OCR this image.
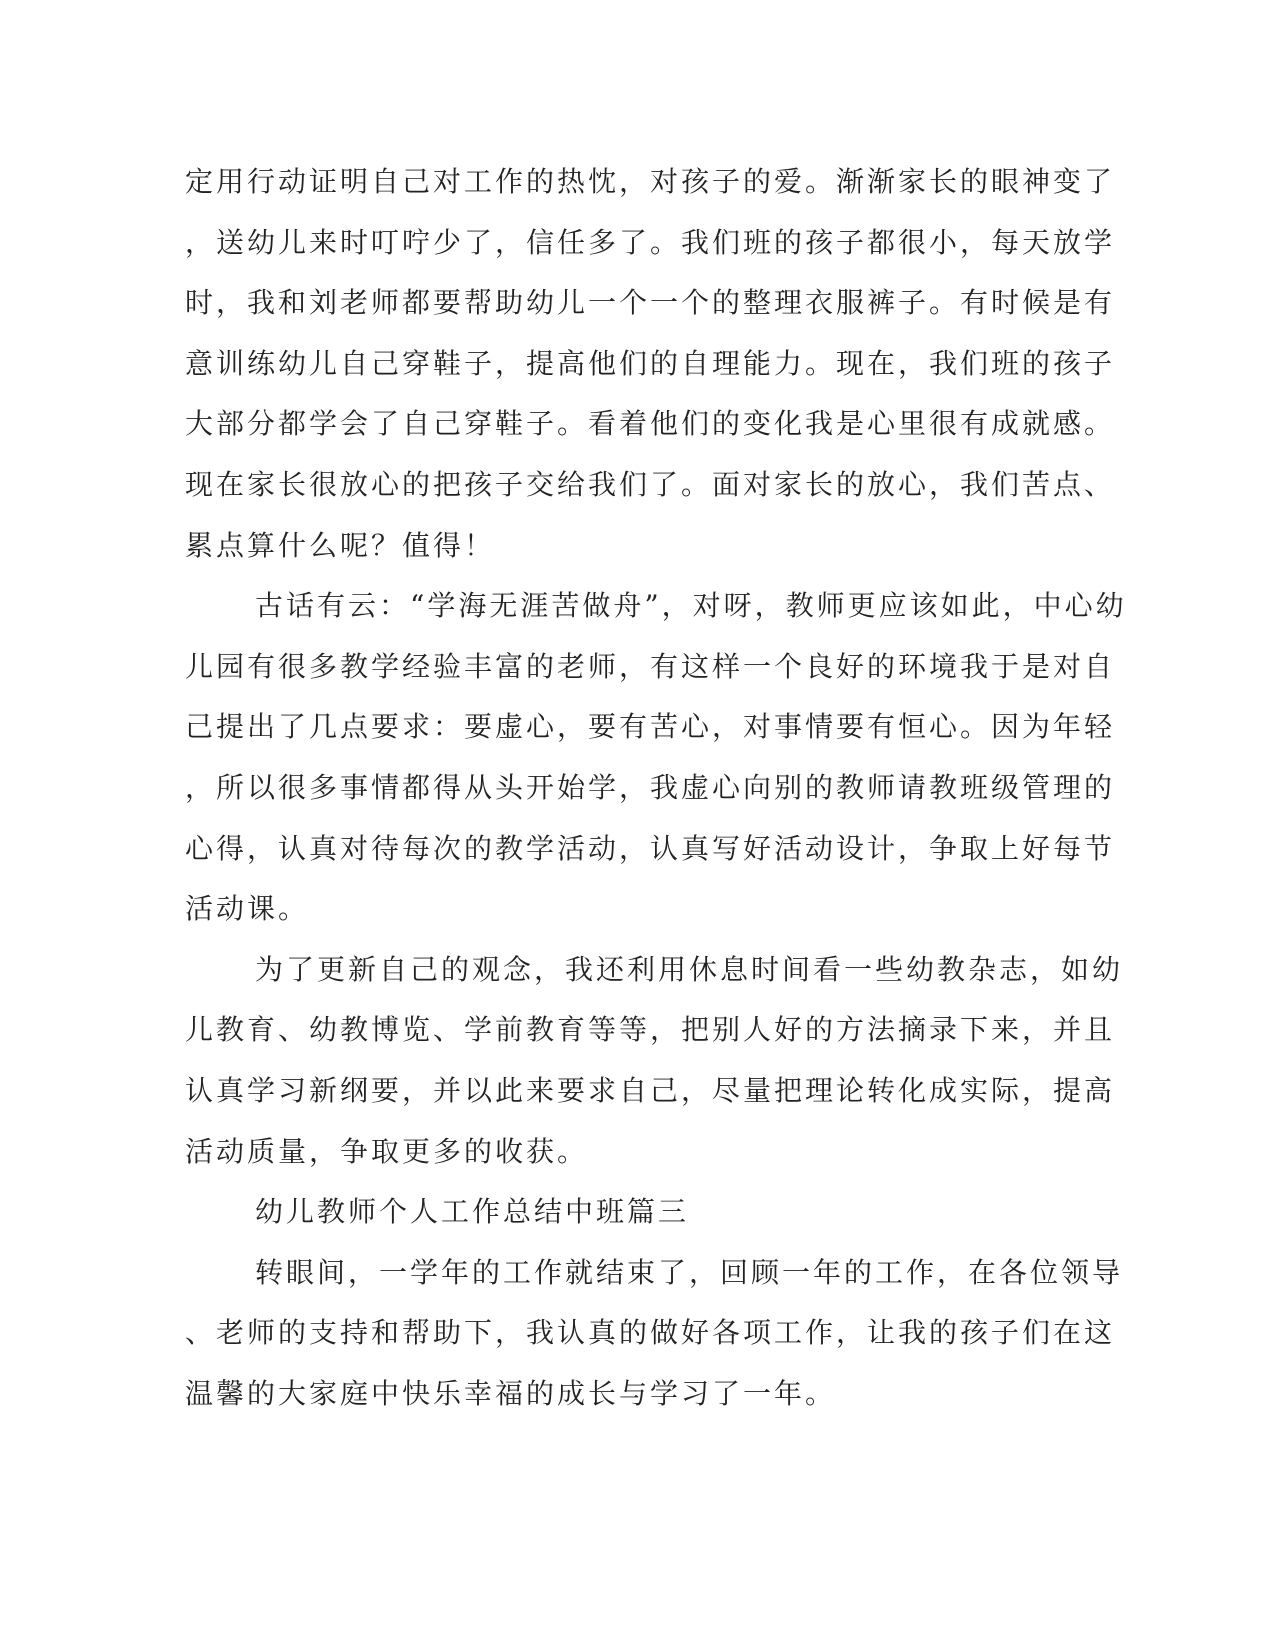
定用行动证明自己对工作的热忱，对孩子的爱。渐渐家长的眼神变了
，送幼儿来时叮咛少了，信任多了。我们班的孩子都很小，每天放学
时，我和刘老师都要帮助幼儿一个一个的整理衣服裤子。有时候是有
意训练幼儿自己穿鞋子，提高他们的自理能力。现在，我们班的孩子
大部分都学会了自己穿鞋子。看着他们的变化我是心里很有成就感。
现在家长很放心的把孩子交给我们了。面对家长的放心，我们苦点、
累点算什么呢？值得！
古话有云：“学海无涯苦做舟”，对呀，教师更应该如此，中心幼
儿园有很多教学经验丰富的老师，有这样一个良好的环境我于是对自
己提出了几点要求：要虚心，要有苦心，对事情要有恒心。因为年轻
，所以很多事情都得从头开始学，我虚心向别的教师请教班级管理的
心得，认真对待每次的教学活动，认真写好活动设计，争取上好每节
活动课。
为了更新自己的观念，我还利用休息时间看一些幼教杂志，如幼
儿教育、幼教博览、学前教育等等，把别人好的方法摘录下来，并且
认真学习新纲要，并以此来要求自己，尽量把理论转化成实际，提高
活动质量，争取更多的收获。
幼儿教师个人工作总结中班篇三
转眼间，一学年的工作就结束了，回顾一年的工作，在各位领导
、老师的支持和帮助下，我认真的做好各项工作，让我的孩子们在这
温馨的大家庭中快乐幸福的成长与学习了一年。
